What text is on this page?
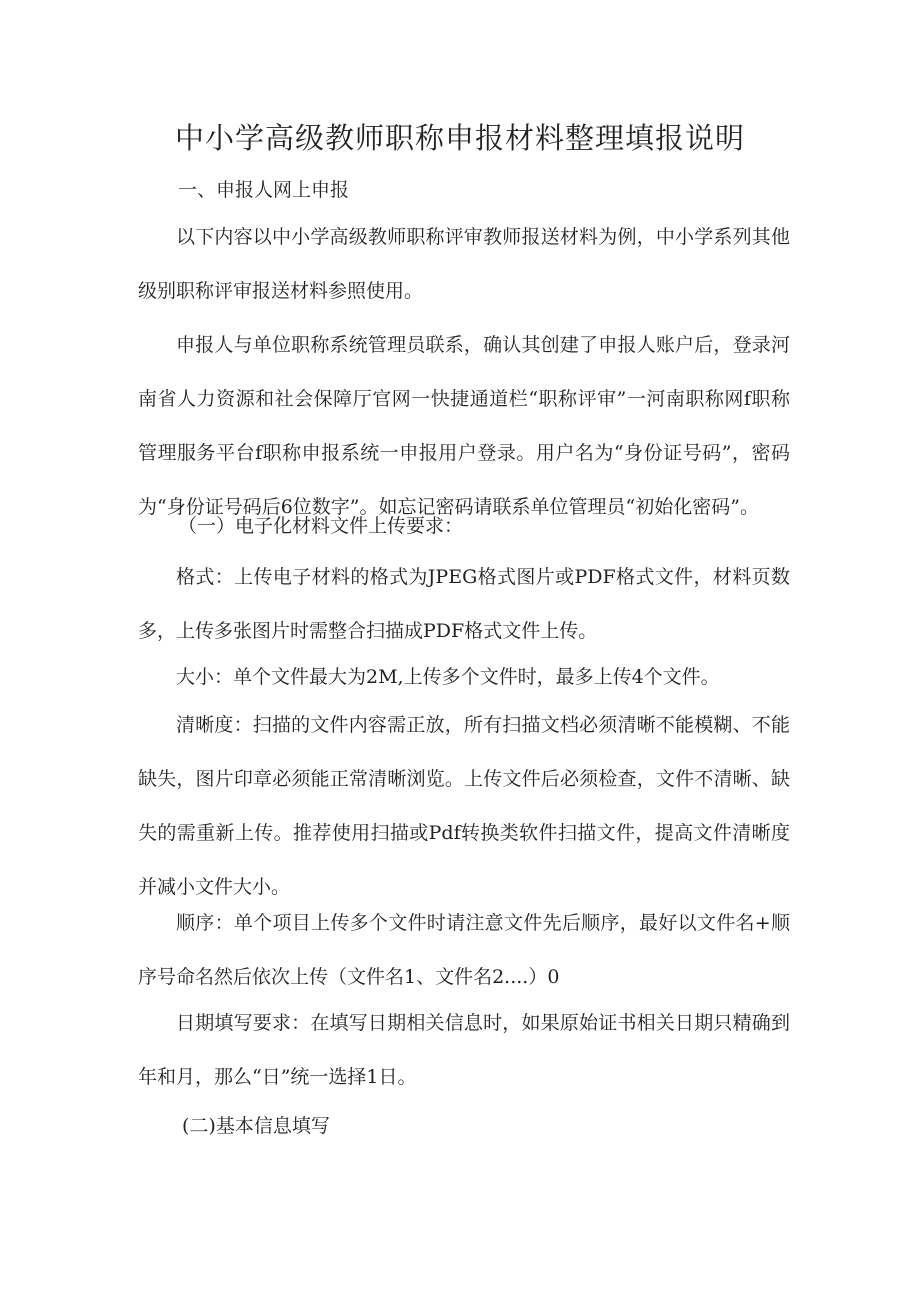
中小学高级教师职称申报材料整理填报说明
一、申报人网上申报
以下内容以中小学高级教师职称评审教师报送材料为例，中小学系列其他级别职称评审报送材料参照使用。
申报人与单位职称系统管理员联系，确认其创建了申报人账户后，登录河南省人力资源和社会保障厅官网一快捷通道栏“职称评审”一河南职称网f职称管理服务平台f职称申报系统一申报用户登录。用户名为“身份证号码”，密码为“身份证号码后6位数字”。如忘记密码请联系单位管理员“初始化密码”。
（一）电子化材料文件上传要求：
格式：上传电子材料的格式为JPEG格式图片或PDF格式文件，材料页数多，上传多张图片时需整合扫描成PDF格式文件上传。
大小：单个文件最大为2M,上传多个文件时，最多上传4个文件。
清晰度：扫描的文件内容需正放，所有扫描文档必须清晰不能模糊、不能缺失，图片印章必须能正常清晰浏览。上传文件后必须检查，文件不清晰、缺失的需重新上传。推荐使用扫描或Pdf转换类软件扫描文件，提高文件清晰度并减小文件大小。
顺序：单个项目上传多个文件时请注意文件先后顺序，最好以文件名+顺序号命名然后依次上传（文件名1、文件名2....）0
日期填写要求：在填写日期相关信息时，如果原始证书相关日期只精确到年和月，那么“日”统一选择1日。
(二)基本信息填写
